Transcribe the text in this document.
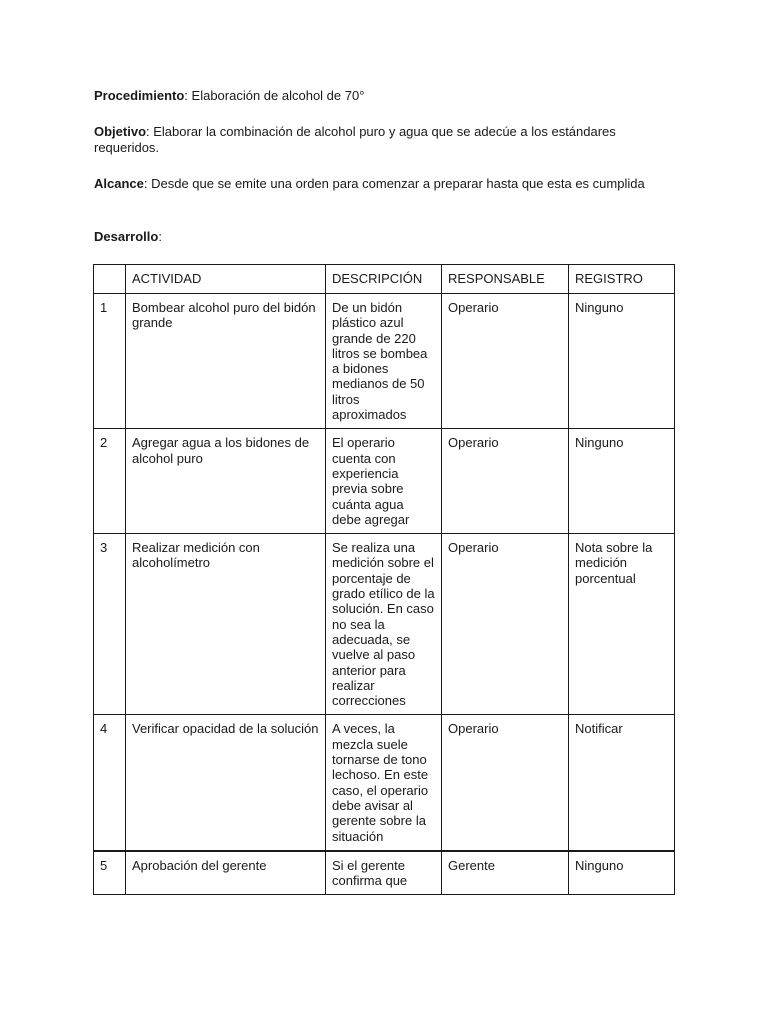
Procedimiento: Elaboración de alcohol de 70°

Objetivo: Elaborar la combinación de alcohol puro y agua que se adecúe a los estándares requeridos.

Alcance: Desde que se emite una orden para comenzar a preparar hasta que esta es cumplida

Desarrollo:

	ACTIVIDAD	DESCRIPCIÓN	RESPONSABLE	REGISTRO
1	Bombear alcohol puro del bidón grande	De un bidón plástico azul grande de 220 litros se bombea a bidones medianos de 50 litros aproximados	Operario	Ninguno
2	Agregar agua a los bidones de alcohol puro	El operario cuenta con experiencia previa sobre cuánta agua debe agregar	Operario	Ninguno
3	Realizar medición con alcoholímetro	Se realiza una medición sobre el porcentaje de grado etílico de la solución. En caso no sea la adecuada, se vuelve al paso anterior para realizar correcciones	Operario	Nota sobre la medición porcentual
4	Verificar opacidad de la solución	A veces, la mezcla suele tornarse de tono lechoso. En este caso, el operario debe avisar al gerente sobre la situación	Operario	Notificar
5	Aprobación del gerente	Si el gerente confirma que	Gerente	Ninguno
